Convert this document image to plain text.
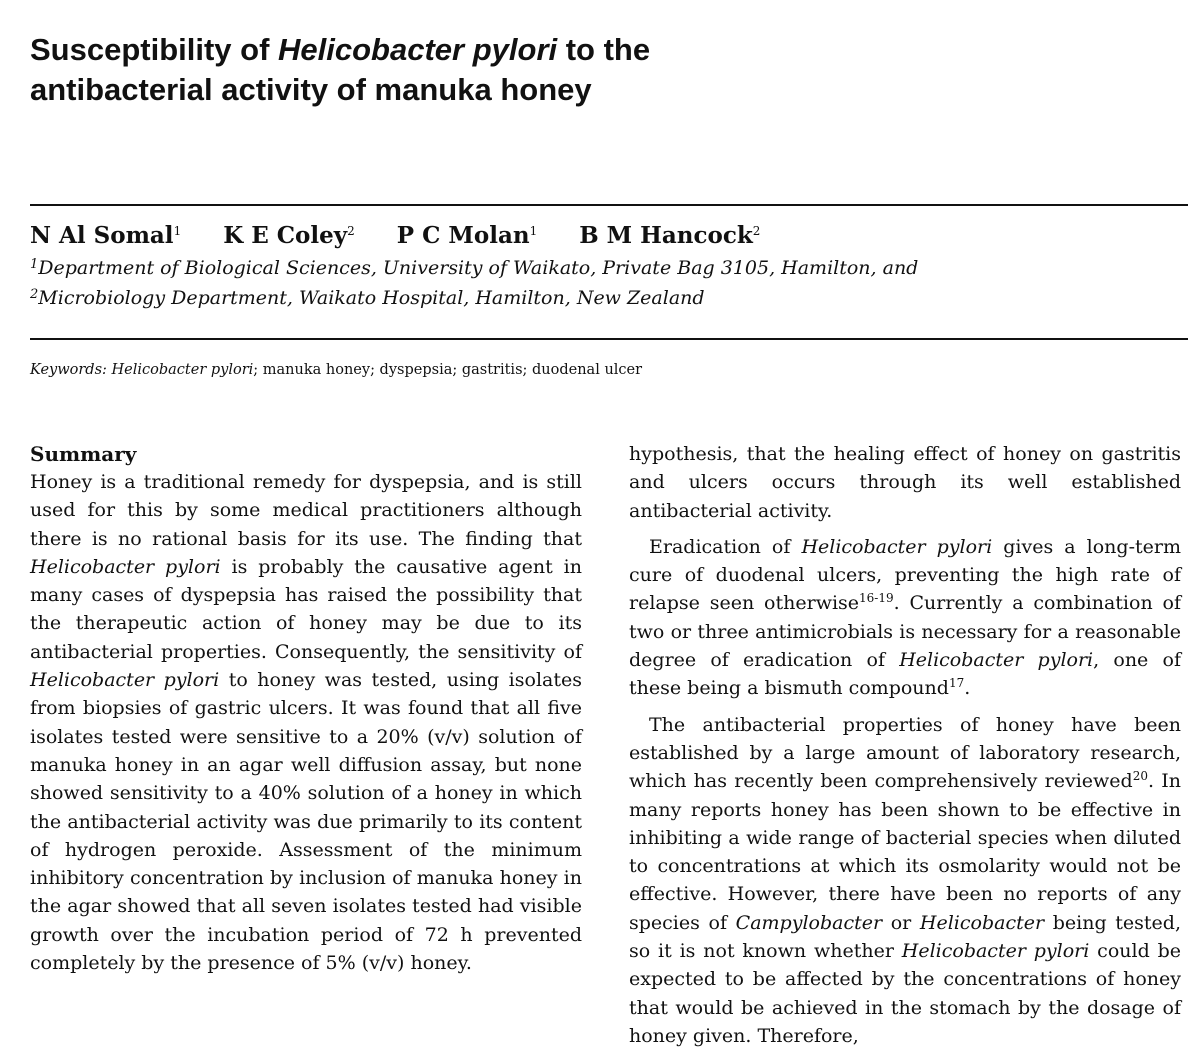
Susceptibility of Helicobacter pylori to the
antibacterial activity of manuka honey
N Al Somal$^1$ K E Coley$^2$ P C Molan$^1$ B M Hancock$^2$
$^1$Department of Biological Sciences, University of Waikato, Private Bag 3105, Hamilton, and
$^2$Microbiology Department, Waikato Hospital, Hamilton, New Zealand
Keywords: Helicobacter pylori; manuka honey; dyspepsia; gastritis; duodenal ulcer
Summary

Honey is a traditional remedy for dyspepsia, and is still used for this by some medical practitioners although there is no rational basis for its use. The finding that Helicobacter pylori is probably the causative agent in many cases of dyspepsia has raised the possibility that the therapeutic action of honey may be due to its antibacterial properties. Consequently, the sensitivity of Helicobacter pylori to honey was tested, using isolates from biopsies of gastric ulcers. It was found that all five isolates tested were sensitive to a 20% (v/v) solution of manuka honey in an agar well diffusion assay, but none showed sensitivity to a 40% solution of a honey in which the antibacterial activity was due primarily to its content of hydrogen peroxide. Assessment of the minimum inhibitory concentration by inclusion of manuka honey in the agar showed that all seven isolates tested had visible growth over the incubation period of 72 h prevented completely by the presence of 5% (v/v) honey.

hypothesis, that the healing effect of honey on gastritis and ulcers occurs through its well established antibacterial activity.

Eradication of Helicobacter pylori gives a long-term cure of duodenal ulcers, preventing the high rate of relapse seen otherwise$^{16-19}$. Currently a combination of two or three antimicrobials is necessary for a reasonable degree of eradication of Helicobacter pylori, one of these being a bismuth compound$^{17}$.

The antibacterial properties of honey have been established by a large amount of laboratory research, which has recently been comprehensively reviewed$^{20}$. In many reports honey has been shown to be effective in inhibiting a wide range of bacterial species when diluted to concentrations at which its osmolarity would not be effective. However, there have been no reports of any species of Campylobacter or Helicobacter being tested, so it is not known whether Helicobacter pylori could be expected to be affected by the concentrations of honey that would be achieved in the stomach by the dosage of honey given. Therefore,
